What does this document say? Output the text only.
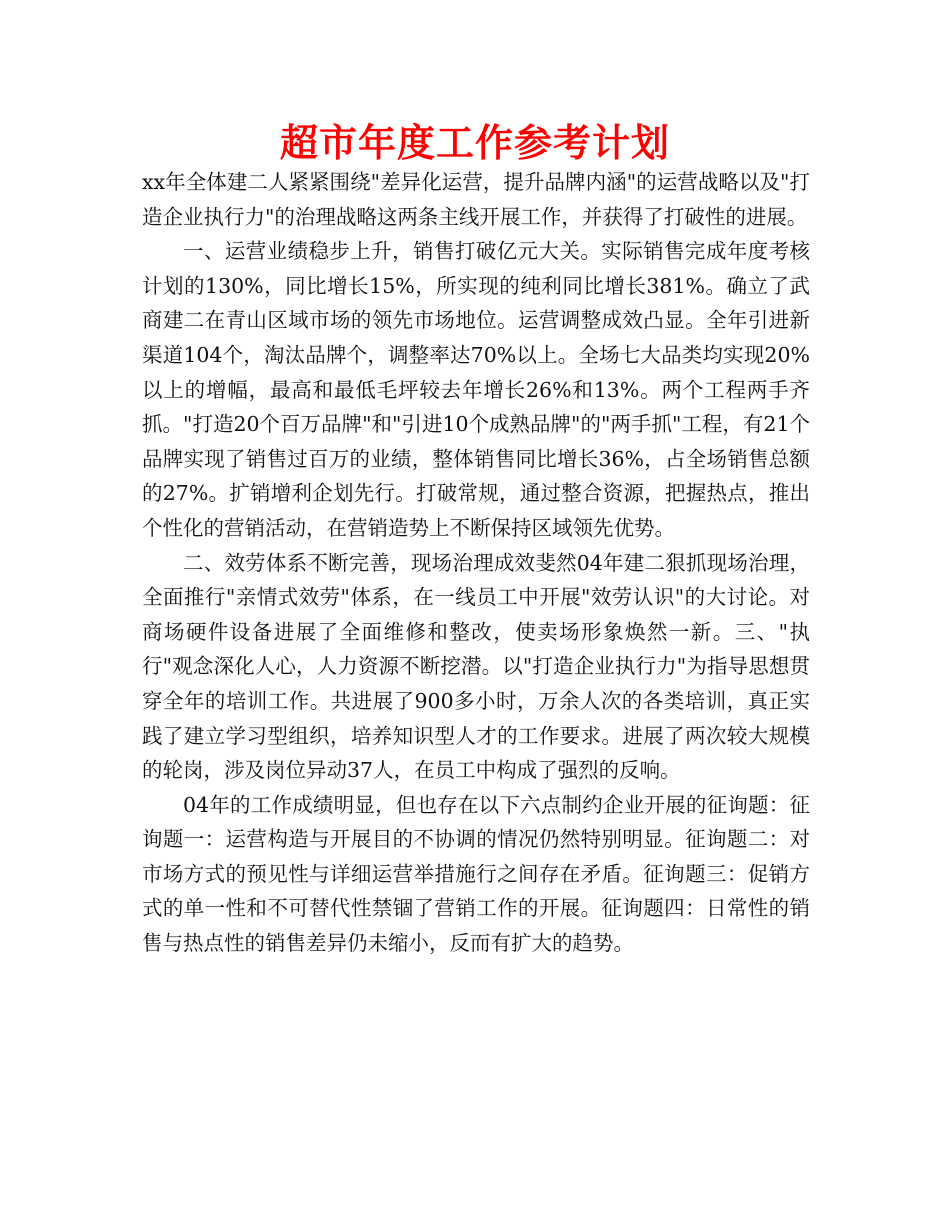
超市年度工作参考计划

xx年全体建二人紧紧围绕"差异化运营，提升品牌内涵"的运营战略以及"打造企业执行力"的治理战略这两条主线开展工作，并获得了打破性的进展。

一、运营业绩稳步上升，销售打破亿元大关。实际销售完成年度考核计划的130%，同比增长15%，所实现的纯利同比增长381%。确立了武商建二在青山区域市场的领先市场地位。运营调整成效凸显。全年引进新渠道104个，淘汰品牌个，调整率达70%以上。全场七大品类均实现20%以上的增幅，最高和最低毛坪较去年增长26%和13%。两个工程两手齐抓。"打造20个百万品牌"和"引进10个成熟品牌"的"两手抓"工程，有21个品牌实现了销售过百万的业绩，整体销售同比增长36%，占全场销售总额的27%。扩销增利企划先行。打破常规，通过整合资源，把握热点，推出个性化的营销活动，在营销造势上不断保持区域领先优势。

二、效劳体系不断完善，现场治理成效斐然04年建二狠抓现场治理，全面推行"亲情式效劳"体系，在一线员工中开展"效劳认识"的大讨论。对商场硬件设备进展了全面维修和整改，使卖场形象焕然一新。三、"执行"观念深化人心，人力资源不断挖潜。以"打造企业执行力"为指导思想贯穿全年的培训工作。共进展了900多小时，万余人次的各类培训，真正实践了建立学习型组织，培养知识型人才的工作要求。进展了两次较大规模的轮岗，涉及岗位异动37人，在员工中构成了强烈的反响。

04年的工作成绩明显，但也存在以下六点制约企业开展的征询题：征询题一：运营构造与开展目的不协调的情况仍然特别明显。征询题二：对市场方式的预见性与详细运营举措施行之间存在矛盾。征询题三：促销方式的单一性和不可替代性禁锢了营销工作的开展。征询题四：日常性的销售与热点性的销售差异仍未缩小，反而有扩大的趋势。
